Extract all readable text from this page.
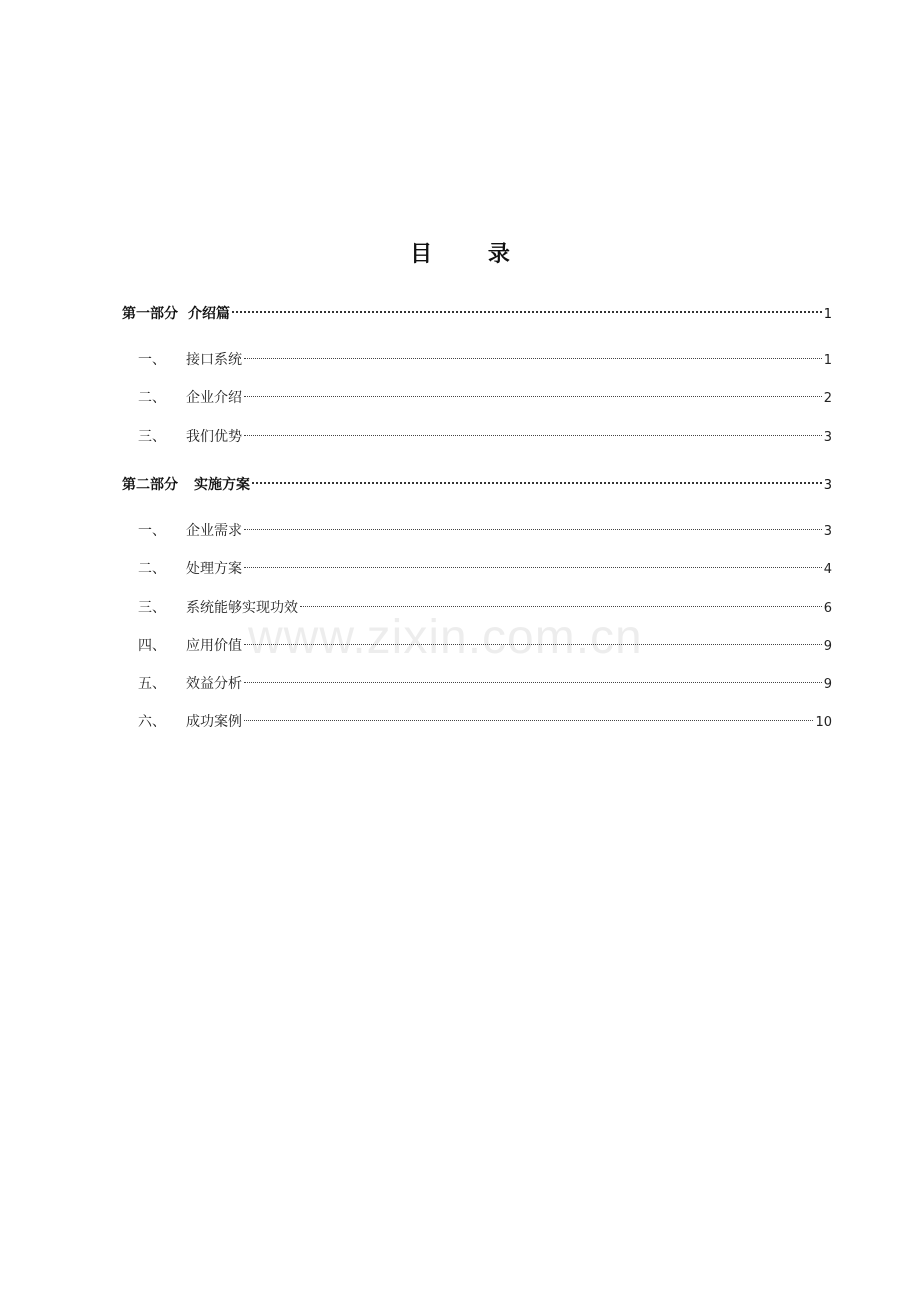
目 录
第一部分 介绍篇	1
一、	接口系统	1
二、	企业介绍	2
三、	我们优势	3
第二部分 实施方案	3
一、	企业需求	3
二、	处理方案	4
三、	系统能够实现功效	6
四、	应用价值	9
五、	效益分析	9
六、	成功案例	10
www.zixin.com.cn
